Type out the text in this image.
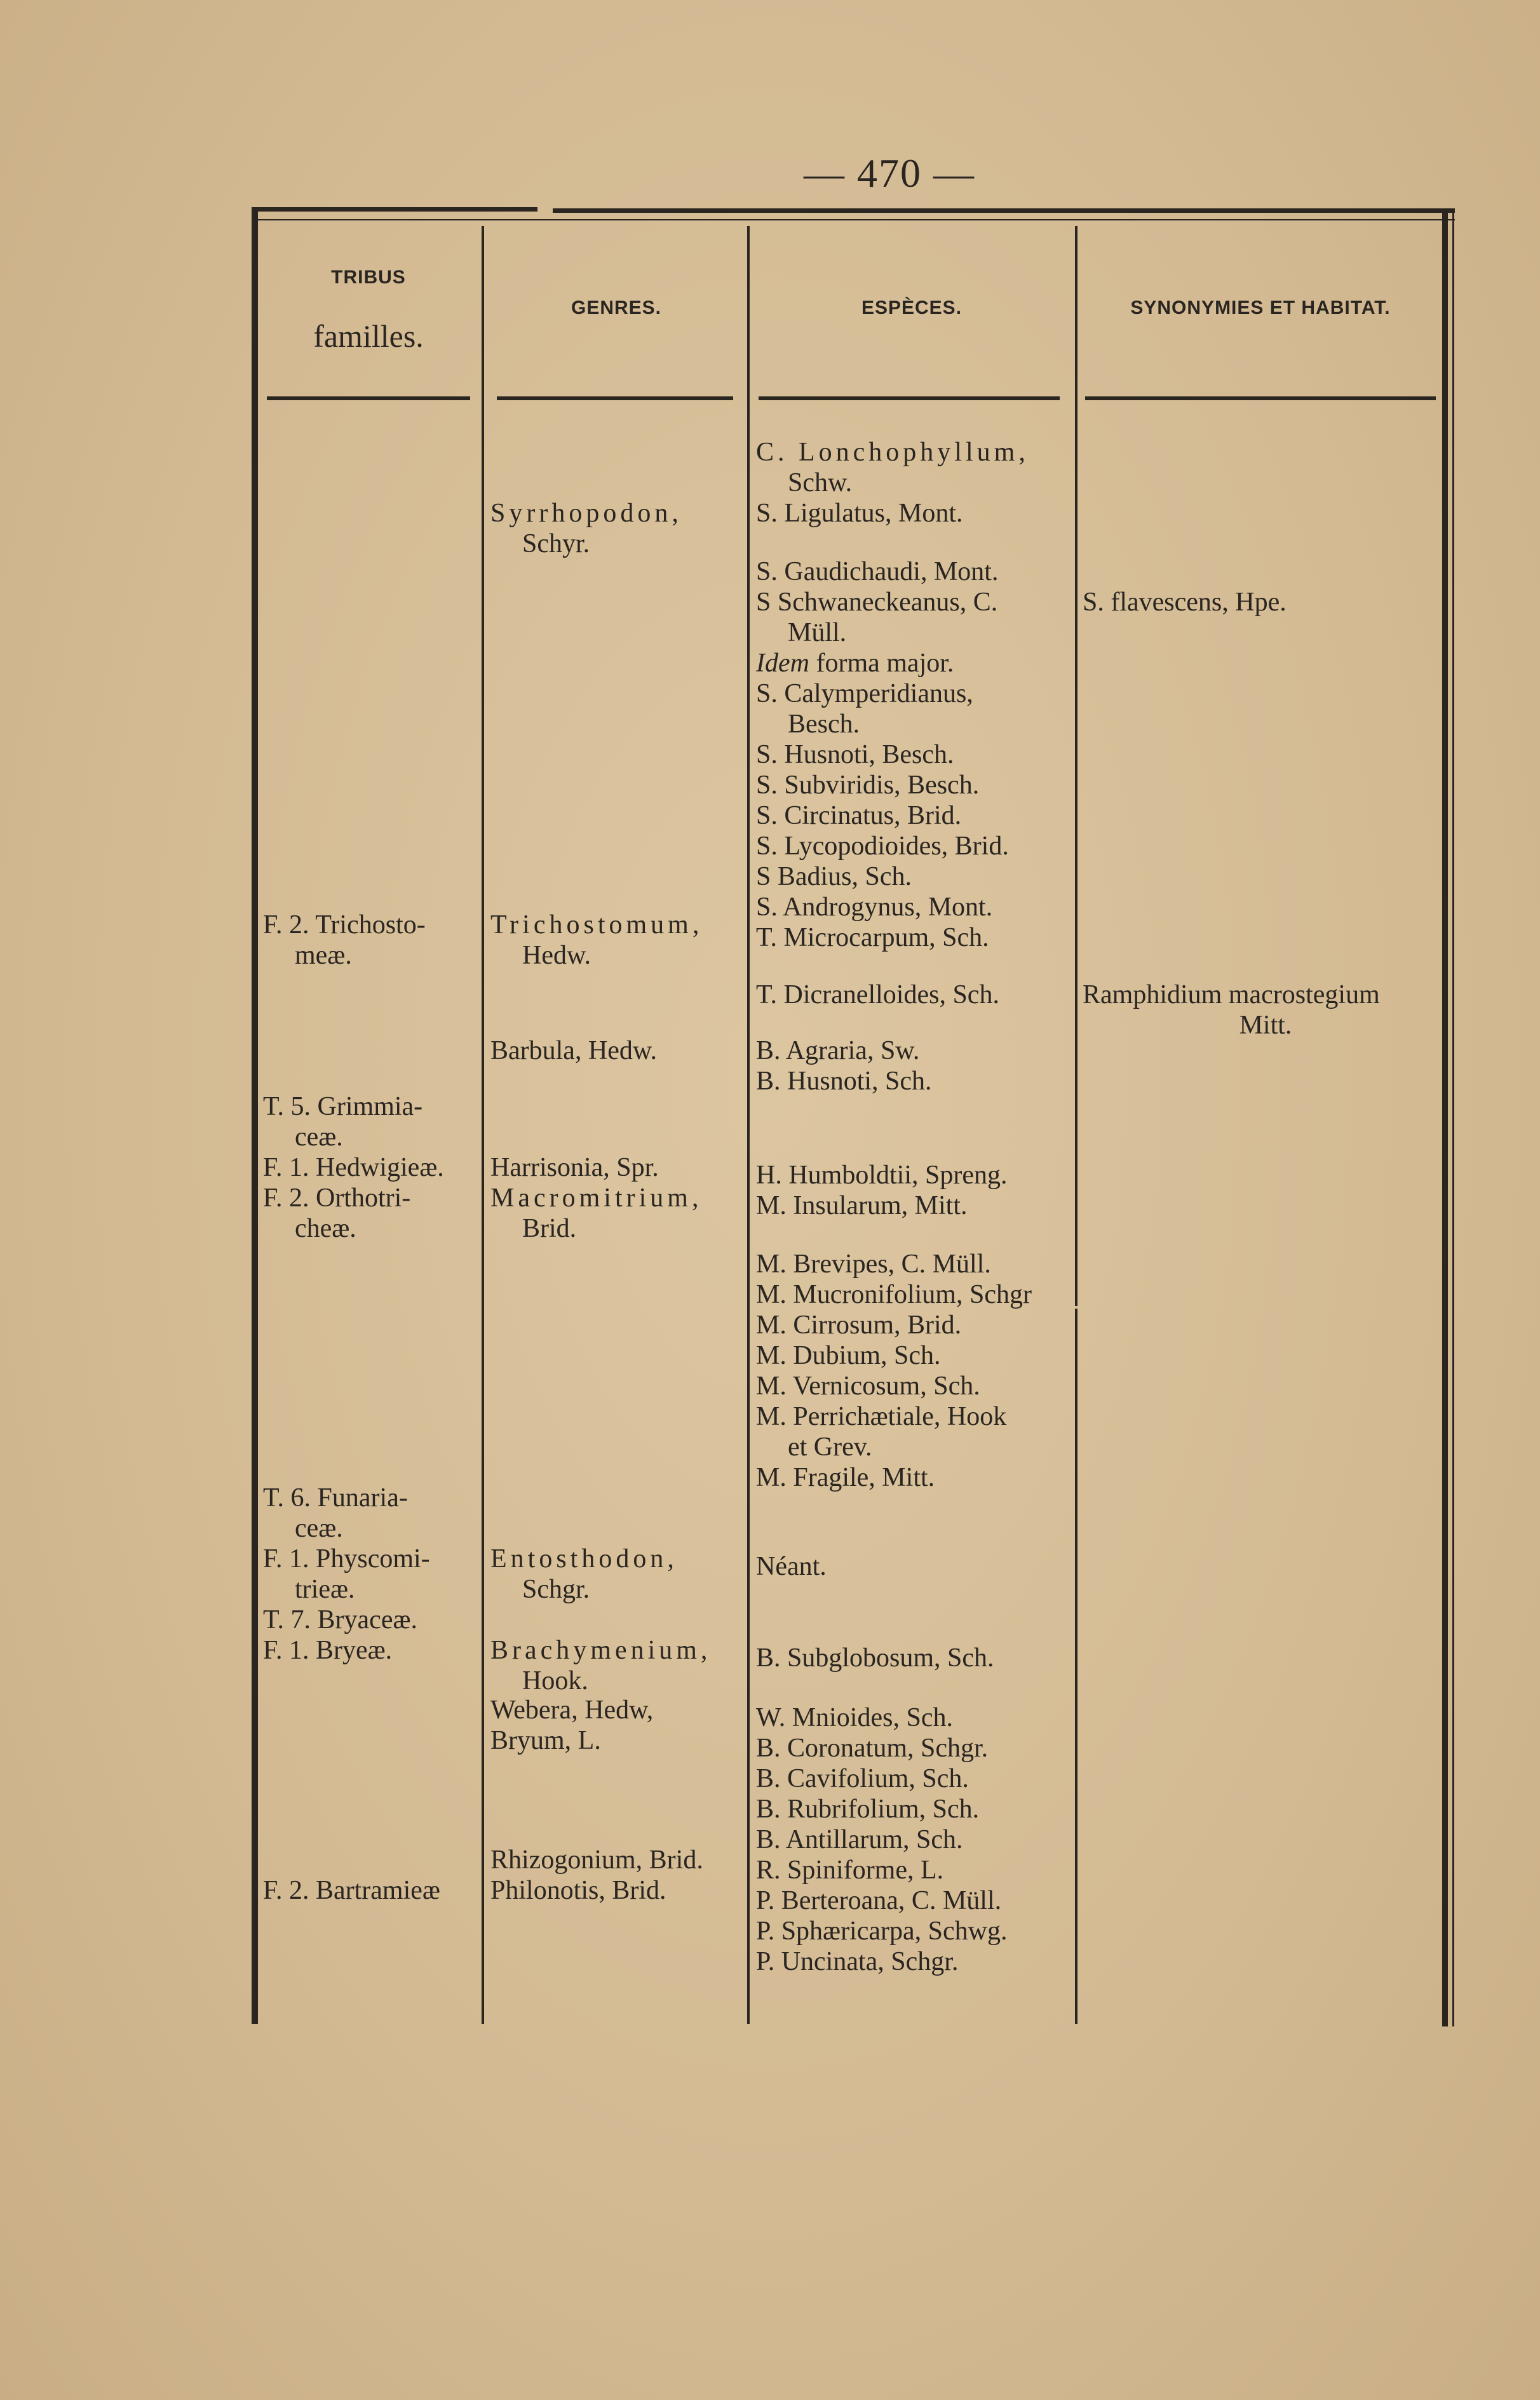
— 470 —
TRIBUS
familles.
GENRES.	ESPÈCES.	SYNONYMIES ET HABITAT.
F. 2. Trichosto-
meæ.
T. 5. Grimmia-
ceæ.
F. 1. Hedwigieæ.
F. 2. Orthotri-
cheæ.
T. 6. Funaria-
ceæ.
F. 1. Physcomi-
trieæ.
T. 7. Bryaceæ.
F. 1. Bryeæ.
F. 2. Bartramieæ
Syrrhopodon,
Schyr.
Trichostomum,
Hedw.
Barbula, Hedw.
Harrisonia, Spr.
Macromitrium,
Brid.
Entosthodon,
Schgr.
Brachymenium,
Hook.
Webera, Hedw,
Bryum, L.
Rhizogonium, Brid.
Philonotis, Brid.
C. Lonchophyllum,
Schw.
S. Ligulatus, Mont.
S. Gaudichaudi, Mont.
S Schwaneckeanus, C.
Müll.
Idem forma major.
S. Calymperidianus,
Besch.
S. Husnoti, Besch.
S. Subviridis, Besch.
S. Circinatus, Brid.
S. Lycopodioides, Brid.
S Badius, Sch.
S. Androgynus, Mont.
T. Microcarpum, Sch.
T. Dicranelloides, Sch.
B. Agraria, Sw.
B. Husnoti, Sch.
H. Humboldtii, Spreng.
M. Insularum, Mitt.
M. Brevipes, C. Müll.
M. Mucronifolium, Schgr
M. Cirrosum, Brid.
M. Dubium, Sch.
M. Vernicosum, Sch.
M. Perrichætiale, Hook
et Grev.
M. Fragile, Mitt.
Néant.
B. Subglobosum, Sch.
W. Mnioides, Sch.
B. Coronatum, Schgr.
B. Cavifolium, Sch.
B. Rubrifolium, Sch.
B. Antillarum, Sch.
R. Spiniforme, L.
P. Berteroana, C. Müll.
P. Sphæricarpa, Schwg.
P. Uncinata, Schgr.
S. flavescens, Hpe.
Ramphidium macrostegium
Mitt.
